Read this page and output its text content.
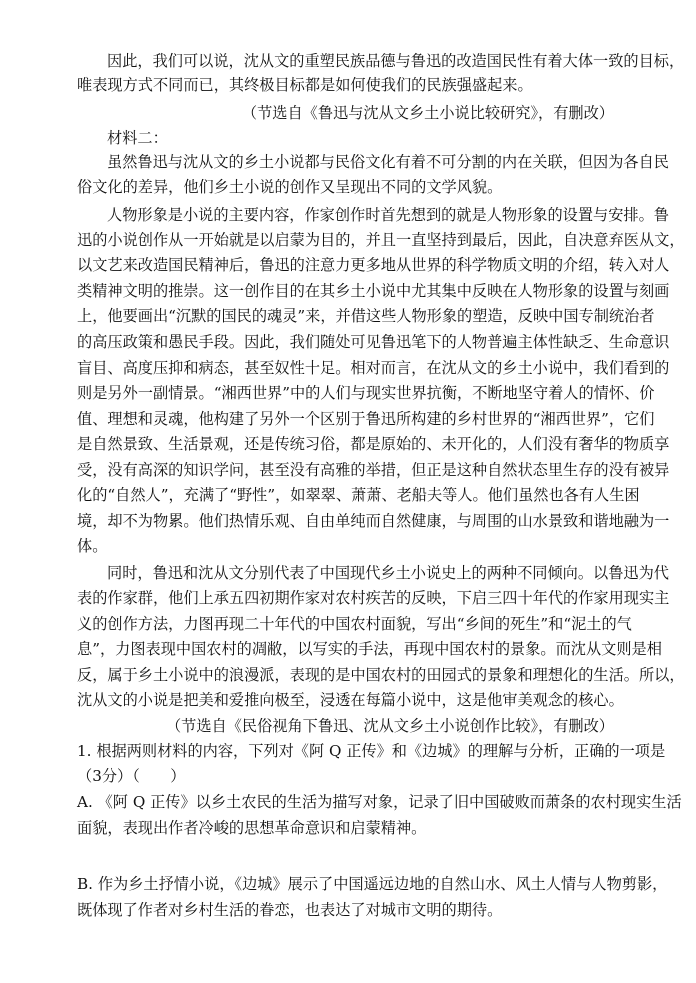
因此，我们可以说，沈从文的重塑民族品德与鲁迅的改造国民性有着大体一致的目标，
唯表现方式不同而已，其终极目标都是如何使我们的民族强盛起来。
（节选自《鲁迅与沈从文乡土小说比较研究》，有删改）
材料二：
虽然鲁迅与沈从文的乡土小说都与民俗文化有着不可分割的内在关联，但因为各自民
俗文化的差异，他们乡土小说的创作又呈现出不同的文学风貌。
人物形象是小说的主要内容，作家创作时首先想到的就是人物形象的设置与安排。鲁
迅的小说创作从一开始就是以启蒙为目的，并且一直坚持到最后，因此，自决意弃医从文，
以文艺来改造国民精神后，鲁迅的注意力更多地从世界的科学物质文明的介绍，转入对人
类精神文明的推崇。这一创作目的在其乡土小说中尤其集中反映在人物形象的设置与刻画
上，他要画出“沉默的国民的魂灵”来，并借这些人物形象的塑造，反映中国专制统治者
的高压政策和愚民手段。因此，我们随处可见鲁迅笔下的人物普遍主体性缺乏、生命意识
盲目、高度压抑和病态，甚至奴性十足。相对而言，在沈从文的乡土小说中，我们看到的
则是另外一副情景。“湘西世界”中的人们与现实世界抗衡，不断地坚守着人的情怀、价
值、理想和灵魂，他构建了另外一个区别于鲁迅所构建的乡村世界的“湘西世界”，它们
是自然景致、生活景观，还是传统习俗，都是原始的、未开化的，人们没有奢华的物质享
受，没有高深的知识学问，甚至没有高雅的举措，但正是这种自然状态里生存的没有被异
化的“自然人”，充满了“野性”，如翠翠、萧萧、老船夫等人。他们虽然也各有人生困
境，却不为物累。他们热情乐观、自由单纯而自然健康，与周围的山水景致和谐地融为一
体。
同时，鲁迅和沈从文分别代表了中国现代乡土小说史上的两种不同倾向。以鲁迅为代
表的作家群，他们上承五四初期作家对农村疾苦的反映，下启三四十年代的作家用现实主
义的创作方法，力图再现二十年代的中国农村面貌，写出“乡间的死生”和“泥土的气
息”，力图表现中国农村的凋敝，以写实的手法，再现中国农村的景象。而沈从文则是相
反，属于乡土小说中的浪漫派，表现的是中国农村的田园式的景象和理想化的生活。所以，
沈从文的小说是把美和爱推向极至，浸透在每篇小说中，这是他审美观念的核心。
（节选自《民俗视角下鲁迅、沈从文乡土小说创作比较》，有删改）
1. 根据两则材料的内容，下列对《阿 Q 正传》和《边城》的理解与分析，正确的一项是
（3分）（　　）
A. 《阿 Q 正传》以乡土农民的生活为描写对象，记录了旧中国破败而萧条的农村现实生活
面貌，表现出作者冷峻的思想革命意识和启蒙精神。
B. 作为乡土抒情小说，《边城》展示了中国遥远边地的自然山水、风土人情与人物剪影，
既体现了作者对乡村生活的眷恋，也表达了对城市文明的期待。
